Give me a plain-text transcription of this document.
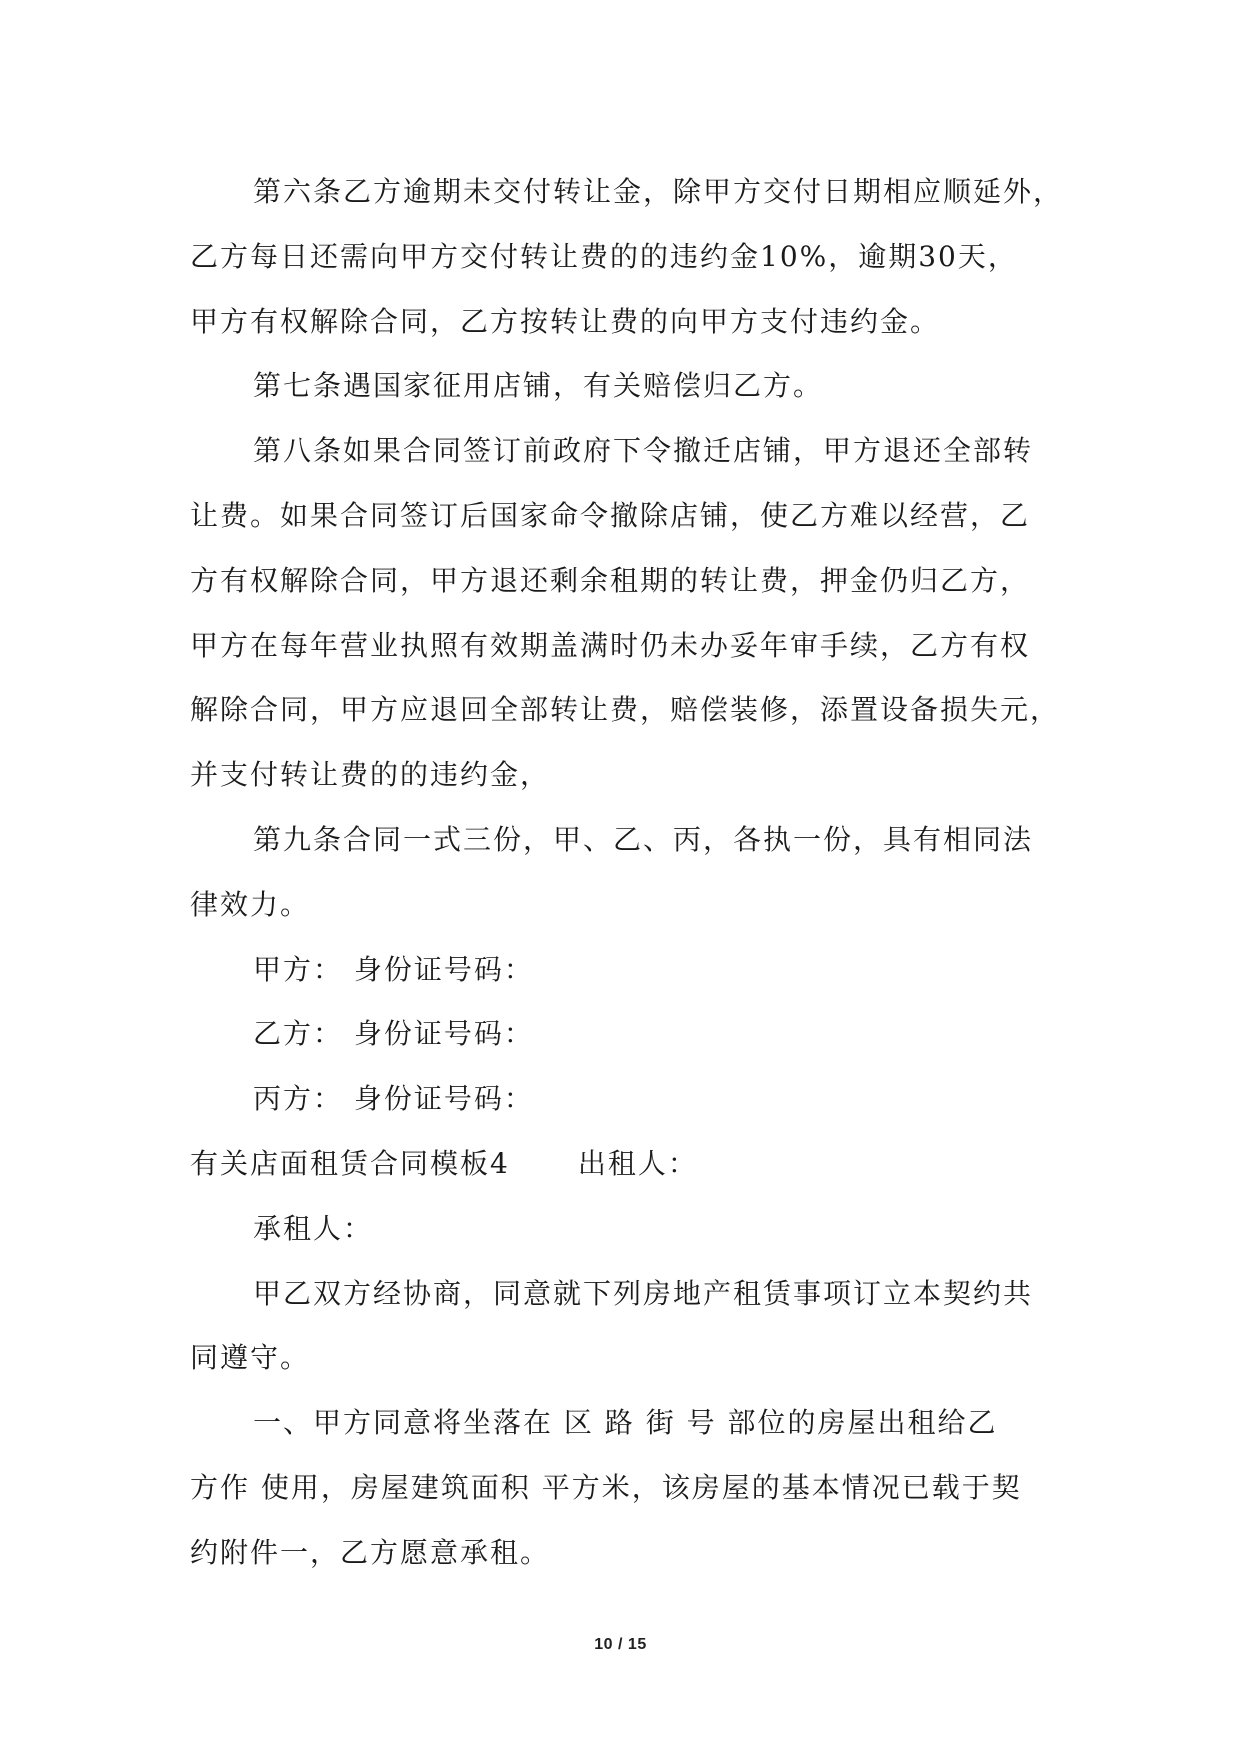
第六条乙方逾期未交付转让金，除甲方交付日期相应顺延外，
乙方每日还需向甲方交付转让费的的违约金10%，逾期30天，
甲方有权解除合同，乙方按转让费的向甲方支付违约金。
第七条遇国家征用店铺，有关赔偿归乙方。
第八条如果合同签订前政府下令撤迁店铺，甲方退还全部转
让费。如果合同签订后国家命令撤除店铺，使乙方难以经营，乙
方有权解除合同，甲方退还剩余租期的转让费，押金仍归乙方，
甲方在每年营业执照有效期盖满时仍未办妥年审手续，乙方有权
解除合同，甲方应退回全部转让费，赔偿装修，添置设备损失元，
并支付转让费的的违约金，
第九条合同一式三份，甲、乙、丙，各执一份，具有相同法
律效力。
甲方： 身份证号码：
乙方： 身份证号码：
丙方： 身份证号码：
有关店面租赁合同模板4 出租人：
承租人：
甲乙双方经协商，同意就下列房地产租赁事项订立本契约共
同遵守。
一、甲方同意将坐落在 区 路 街 号 部位的房屋出租给乙
方作 使用，房屋建筑面积 平方米，该房屋的基本情况已载于契
约附件一，乙方愿意承租。
10 / 15
